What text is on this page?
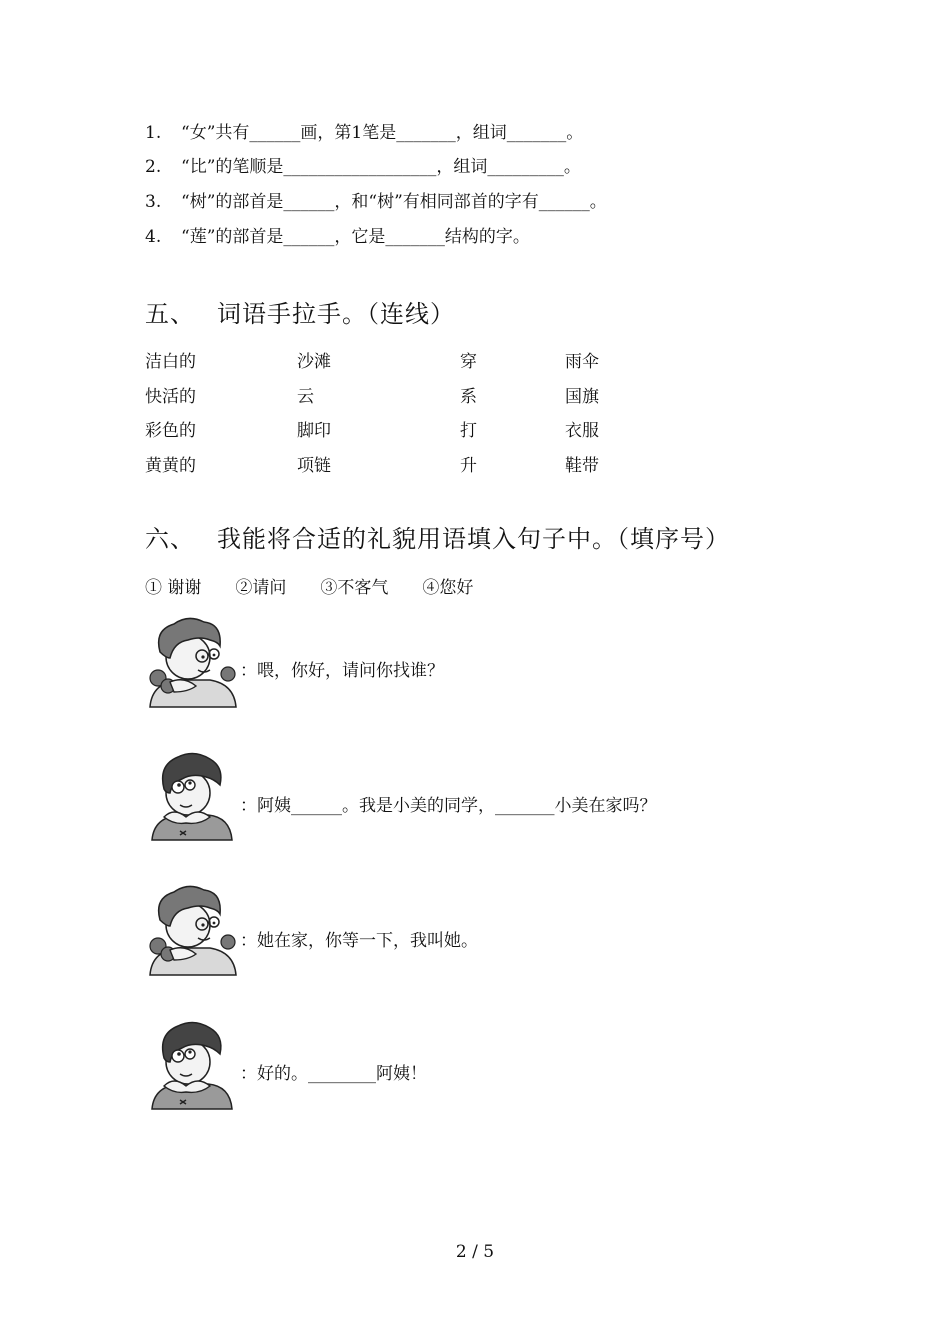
1. “女”共有______画，第1笔是_______，组词_______。
2. “比”的笔顺是__________________，组词_________。
3. “树”的部首是______，和“树”有相同部首的字有______。
4. “莲”的部首是______，它是_______结构的字。
五、 词语手拉手。（连线）
洁白的
快活的
彩色的
黄黄的
沙滩
云
脚印
项链
穿
系
打
升
雨伞
国旗
衣服
鞋带
六、 我能将合适的礼貌用语填入句子中。（填序号）
① 谢谢 ②请问 ③不客气 ④您好
：喂，你好，请问你找谁？
：阿姨______。我是小美的同学，_______小美在家吗？
：她在家，你等一下，我叫她。
：好的。________阿姨！
2 / 5
